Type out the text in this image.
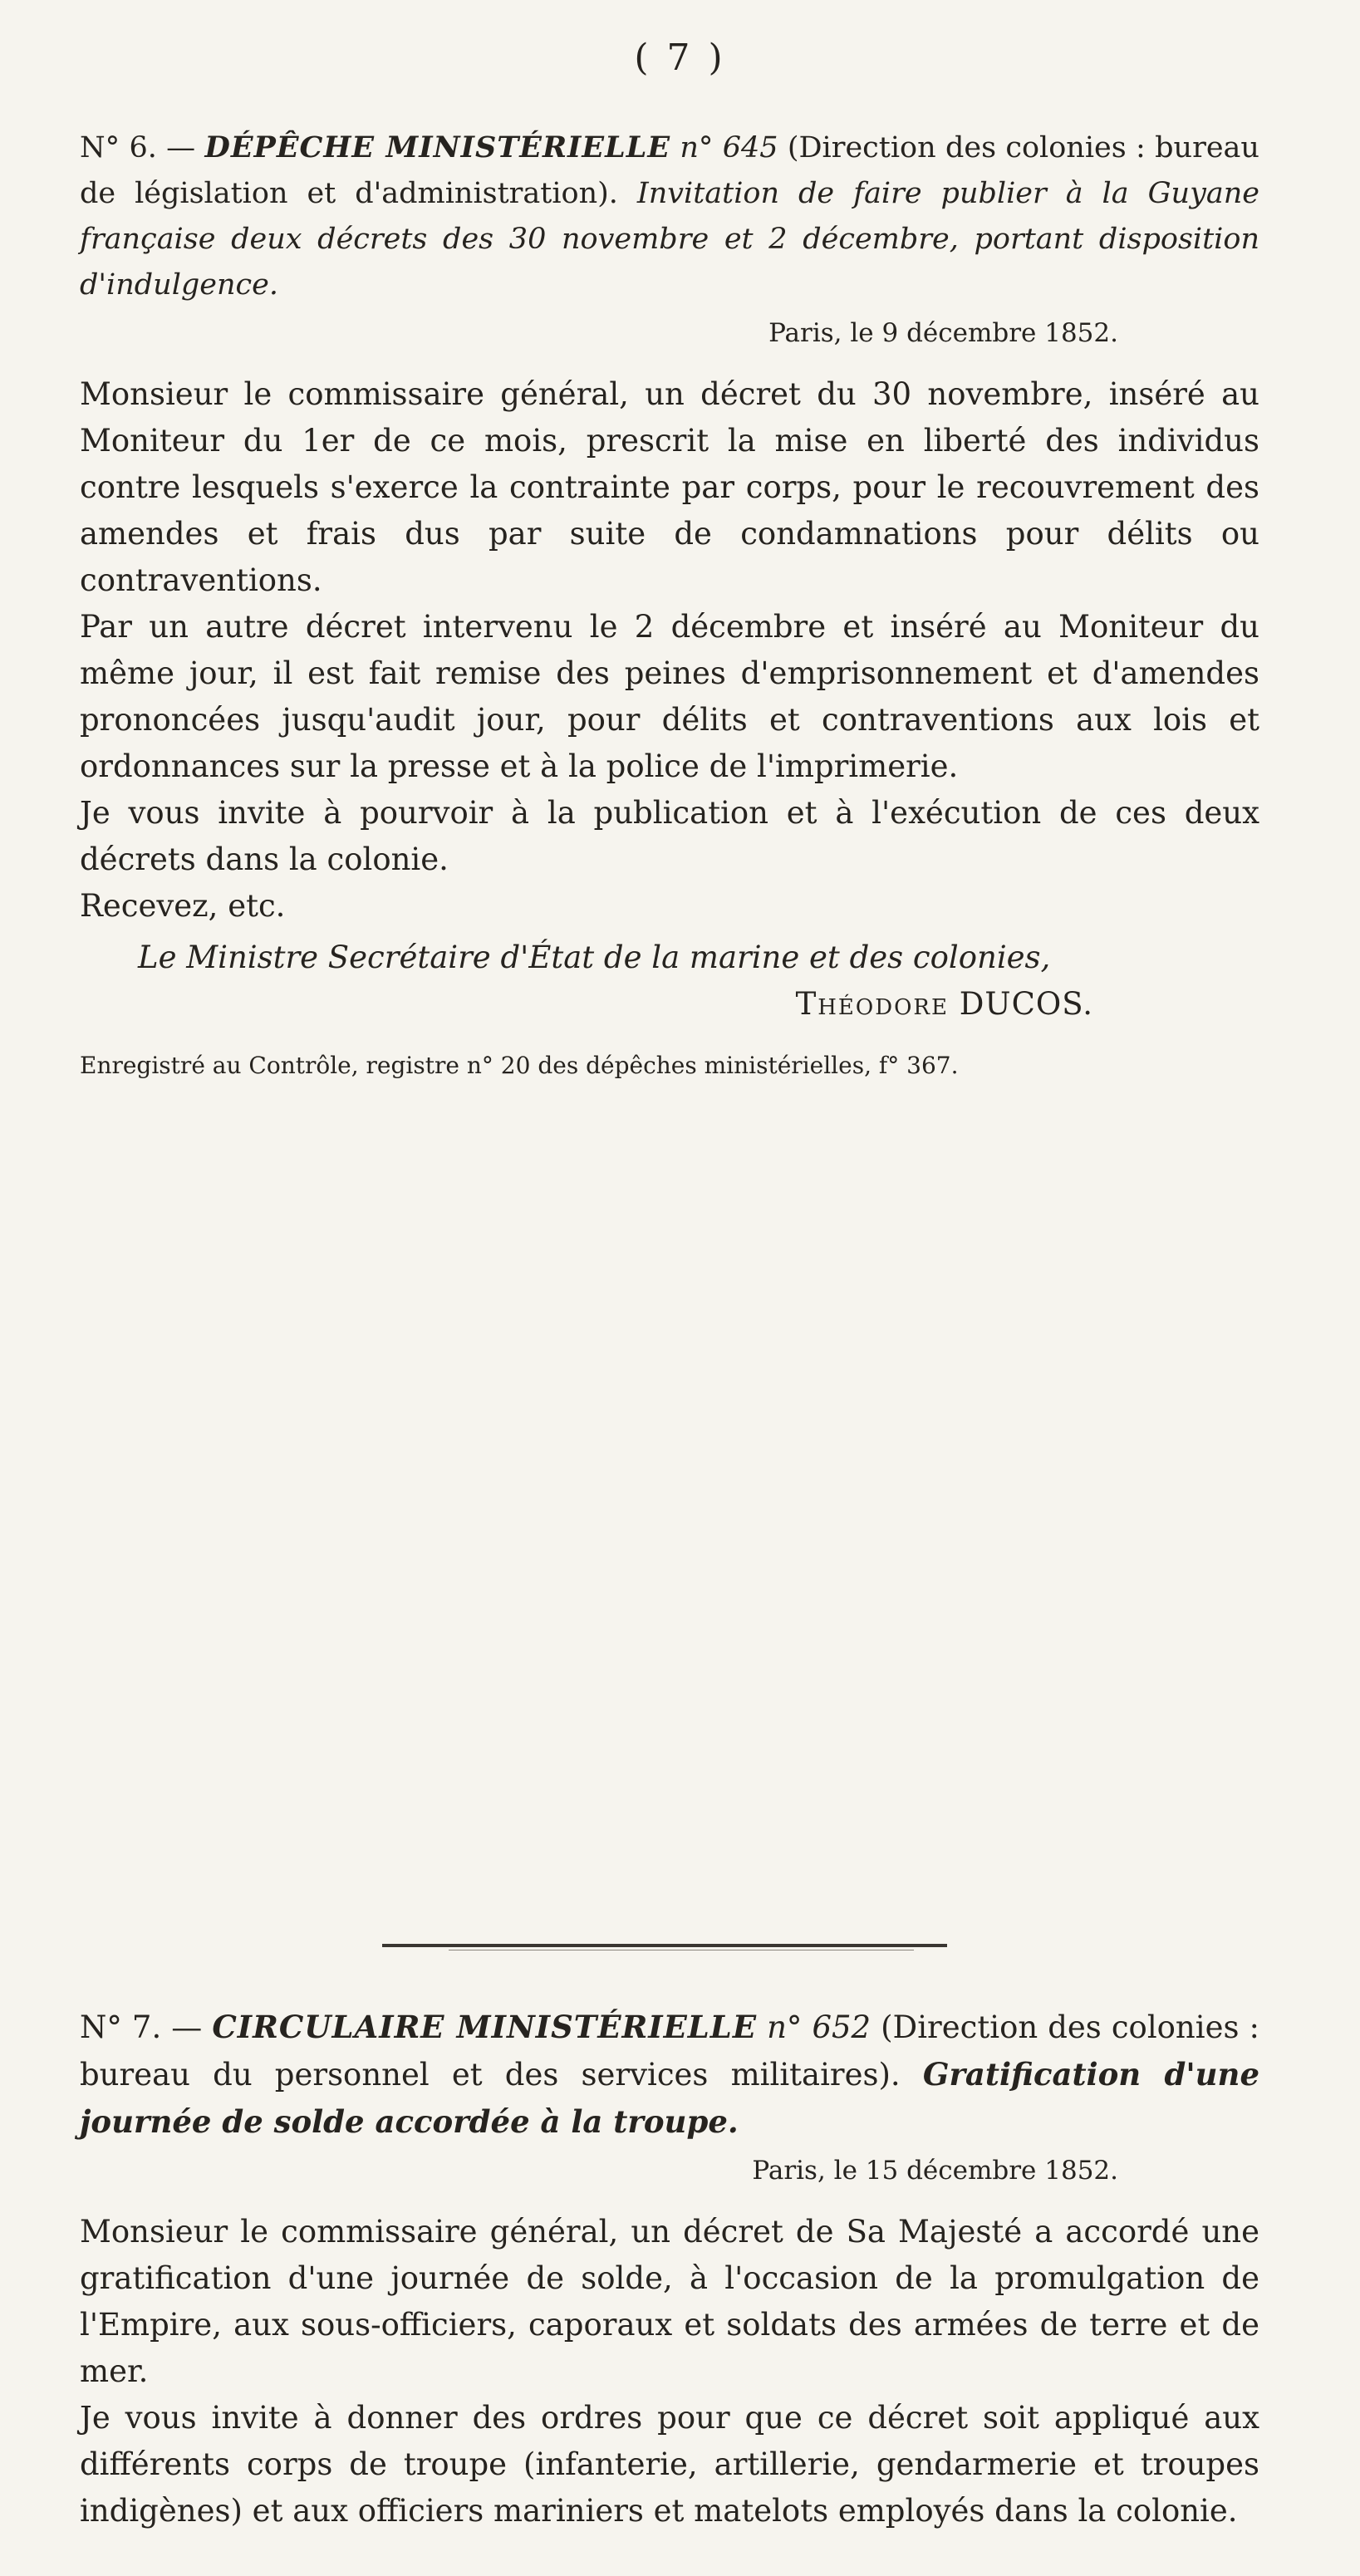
( 7 )

N° 6. — DÉPÊCHE MINISTÉRIELLE n° 645 (Direction des colonies : bureau de législation et d'administration). Invitation de faire publier à la Guyane française deux décrets des 30 novembre et 2 décembre, portant disposition d'indulgence.

Paris, le 9 décembre 1852.

Monsieur le commissaire général, un décret du 30 novembre, inséré au Moniteur du 1er de ce mois, prescrit la mise en liberté des individus contre lesquels s'exerce la contrainte par corps, pour le recouvrement des amendes et frais dus par suite de condamnations pour délits ou contraventions.

Par un autre décret intervenu le 2 décembre et inséré au Moniteur du même jour, il est fait remise des peines d'emprisonnement et d'amendes prononcées jusqu'audit jour, pour délits et contraventions aux lois et ordonnances sur la presse et à la police de l'imprimerie.

Je vous invite à pourvoir à la publication et à l'exécution de ces deux décrets dans la colonie.

Recevez, etc.

Le Ministre Secrétaire d'État de la marine et des colonies,
Théodore DUCOS.
Enregistré au Contrôle, registre n° 20 des dépêches ministérielles, f° 367.

N° 7. — CIRCULAIRE MINISTÉRIELLE n° 652 (Direction des colonies : bureau du personnel et des services militaires). Gratification d'une journée de solde accordée à la troupe.

Paris, le 15 décembre 1852.

Monsieur le commissaire général, un décret de Sa Majesté a accordé une gratification d'une journée de solde, à l'occasion de la promulgation de l'Empire, aux sous-officiers, caporaux et soldats des armées de terre et de mer.

Je vous invite à donner des ordres pour que ce décret soit appliqué aux différents corps de troupe (infanterie, artillerie, gendarmerie et troupes indigènes) et aux officiers mariniers et matelots employés dans la colonie.
